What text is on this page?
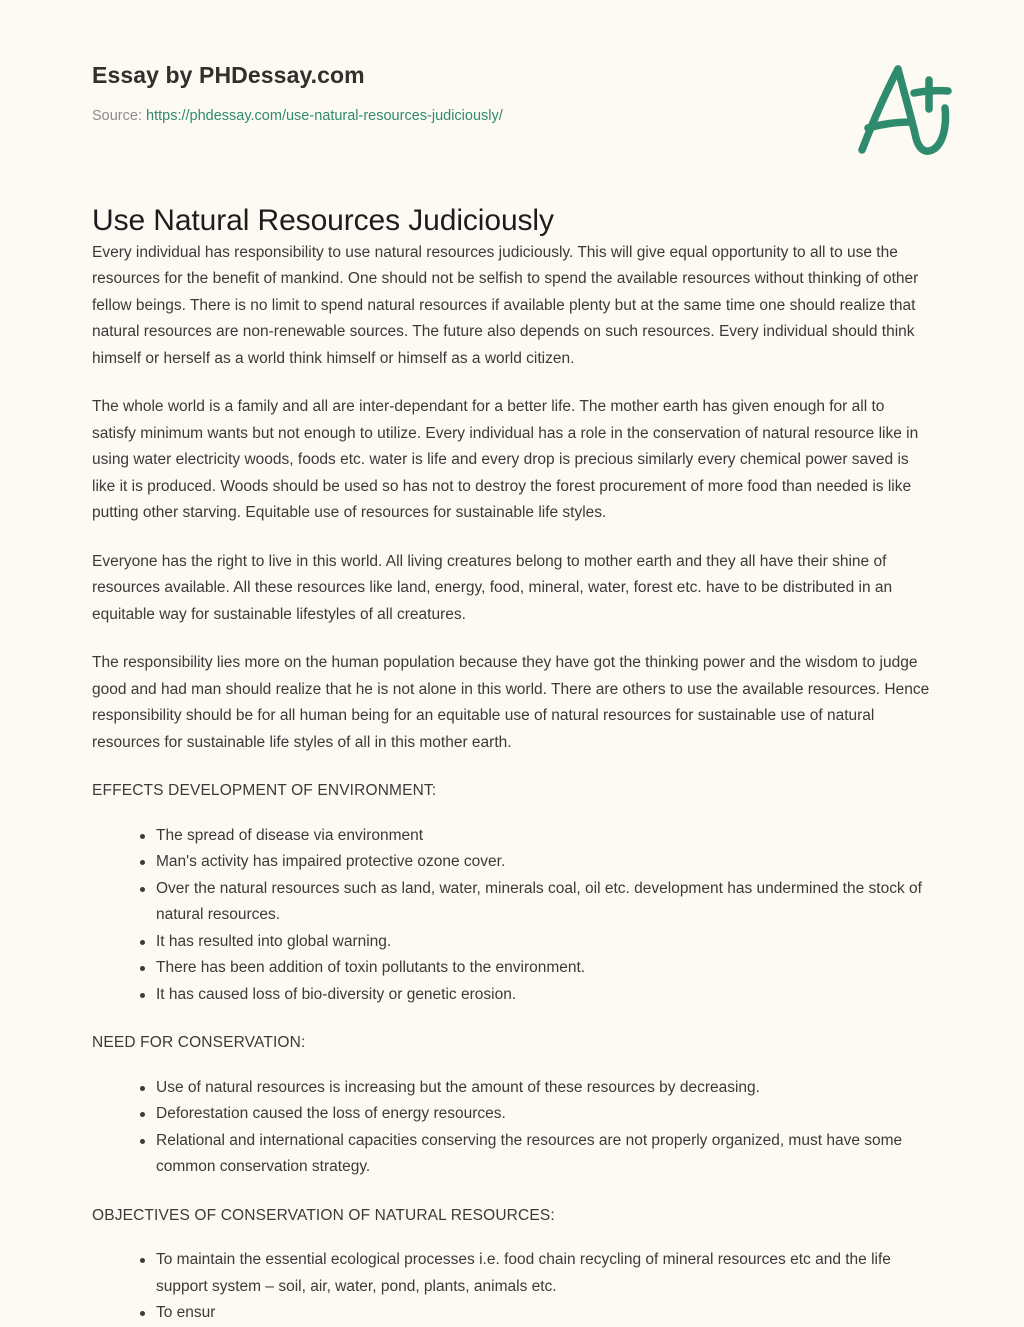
Essay by PHDessay.com
Source: https://phdessay.com/use-natural-resources-judiciously/
Use Natural Resources Judiciously

Every individual has responsibility to use natural resources judiciously. This will give equal opportunity to all to use the resources for the benefit of mankind. One should not be selfish to spend the available resources without thinking of other fellow beings. There is no limit to spend natural resources if available plenty but at the same time one should realize that natural resources are non-renewable sources. The future also depends on such resources. Every individual should think himself or herself as a world think himself or himself as a world citizen.

The whole world is a family and all are inter-dependant for a better life. The mother earth has given enough for all to satisfy minimum wants but not enough to utilize. Every individual has a role in the conservation of natural resource like in using water electricity woods, foods etc. water is life and every drop is precious similarly every chemical power saved is like it is produced. Woods should be used so has not to destroy the forest procurement of more food than needed is like putting other starving. Equitable use of resources for sustainable life styles.

Everyone has the right to live in this world. All living creatures belong to mother earth and they all have their shine of resources available. All these resources like land, energy, food, mineral, water, forest etc. have to be distributed in an equitable way for sustainable lifestyles of all creatures.

The responsibility lies more on the human population because they have got the thinking power and the wisdom to judge good and had man should realize that he is not alone in this world. There are others to use the available resources. Hence responsibility should be for all human being for an equitable use of natural resources for sustainable use of natural resources for sustainable life styles of all in this mother earth.

EFFECTS DEVELOPMENT OF ENVIRONMENT:

The spread of disease via environment
Man's activity has impaired protective ozone cover.
Over the natural resources such as land, water, minerals coal, oil etc. development has undermined the stock of natural resources.
It has resulted into global warning.
There has been addition of toxin pollutants to the environment.
It has caused loss of bio-diversity or genetic erosion.

NEED FOR CONSERVATION:

Use of natural resources is increasing but the amount of these resources by decreasing.
Deforestation caused the loss of energy resources.
Relational and international capacities conserving the resources are not properly organized, must have some common conservation strategy.

OBJECTIVES OF CONSERVATION OF NATURAL RESOURCES:

To maintain the essential ecological processes i.e. food chain recycling of mineral resources etc and the life support system – soil, air, water, pond, plants, animals etc.
To ensur
